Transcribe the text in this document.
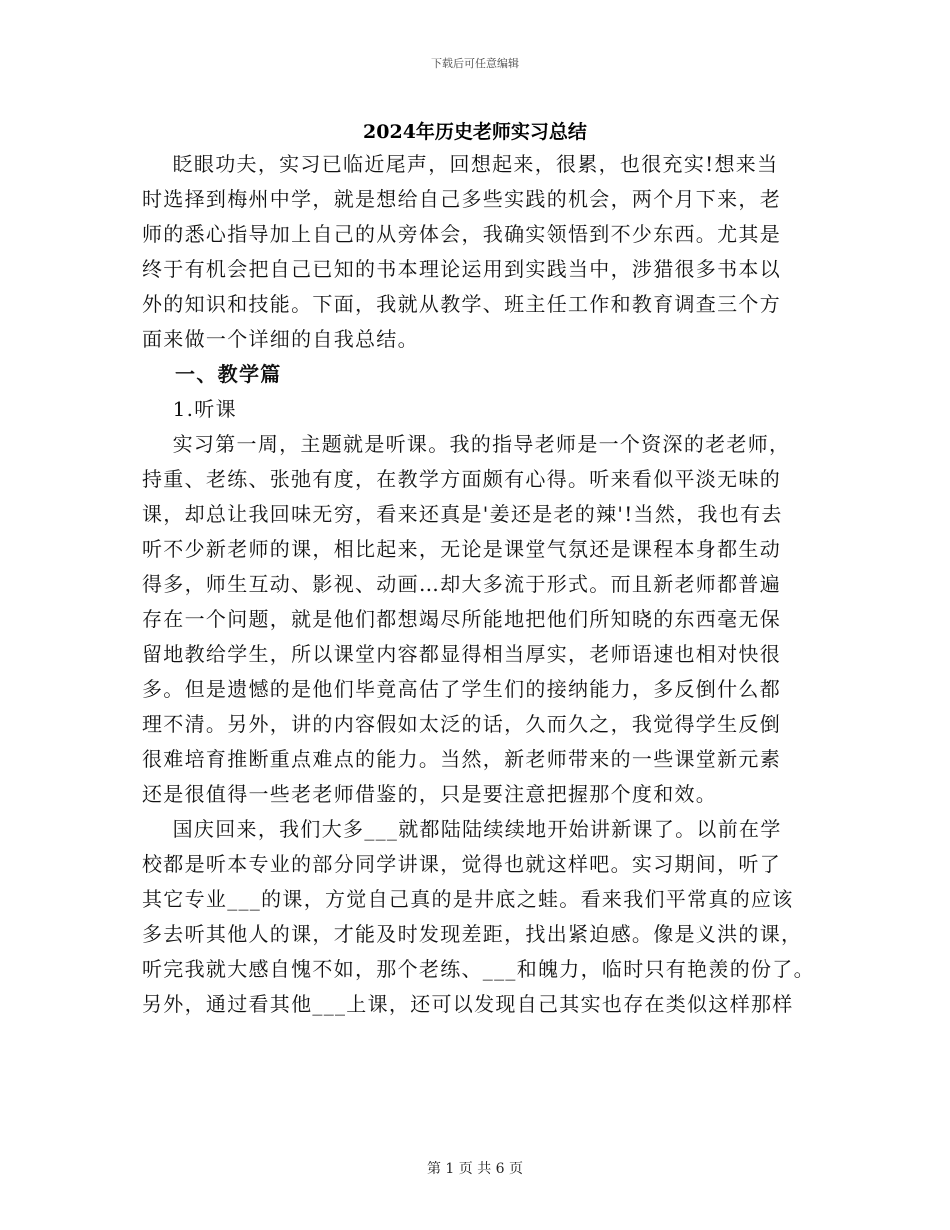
下载后可任意编辑
2024年历史老师实习总结
眨眼功夫，实习已临近尾声，回想起来，很累，也很充实!想来当
时选择到梅州中学，就是想给自己多些实践的机会，两个月下来，老
师的悉心指导加上自己的从旁体会，我确实领悟到不少东西。尤其是
终于有机会把自己已知的书本理论运用到实践当中，涉猎很多书本以
外的知识和技能。下面，我就从教学、班主任工作和教育调查三个方
面来做一个详细的自我总结。
一、教学篇
1.听课
实习第一周，主题就是听课。我的指导老师是一个资深的老老师，
持重、老练、张弛有度，在教学方面颇有心得。听来看似平淡无味的
课，却总让我回味无穷，看来还真是'姜还是老的辣'!当然，我也有去
听不少新老师的课，相比起来，无论是课堂气氛还是课程本身都生动
得多，师生互动、影视、动画…却大多流于形式。而且新老师都普遍
存在一个问题，就是他们都想竭尽所能地把他们所知晓的东西毫无保
留地教给学生，所以课堂内容都显得相当厚实，老师语速也相对快很
多。但是遗憾的是他们毕竟高估了学生们的接纳能力，多反倒什么都
理不清。另外，讲的内容假如太泛的话，久而久之，我觉得学生反倒
很难培育推断重点难点的能力。当然，新老师带来的一些课堂新元素
还是很值得一些老老师借鉴的，只是要注意把握那个度和效。
国庆回来，我们大多___就都陆陆续续地开始讲新课了。以前在学
校都是听本专业的部分同学讲课，觉得也就这样吧。实习期间，听了
其它专业___的课，方觉自己真的是井底之蛙。看来我们平常真的应该
多去听其他人的课，才能及时发现差距，找出紧迫感。像是义洪的课，
听完我就大感自愧不如，那个老练、___和魄力，临时只有艳羡的份了。
另外，通过看其他___上课，还可以发现自己其实也存在类似这样那样
第 1 页 共 6 页
